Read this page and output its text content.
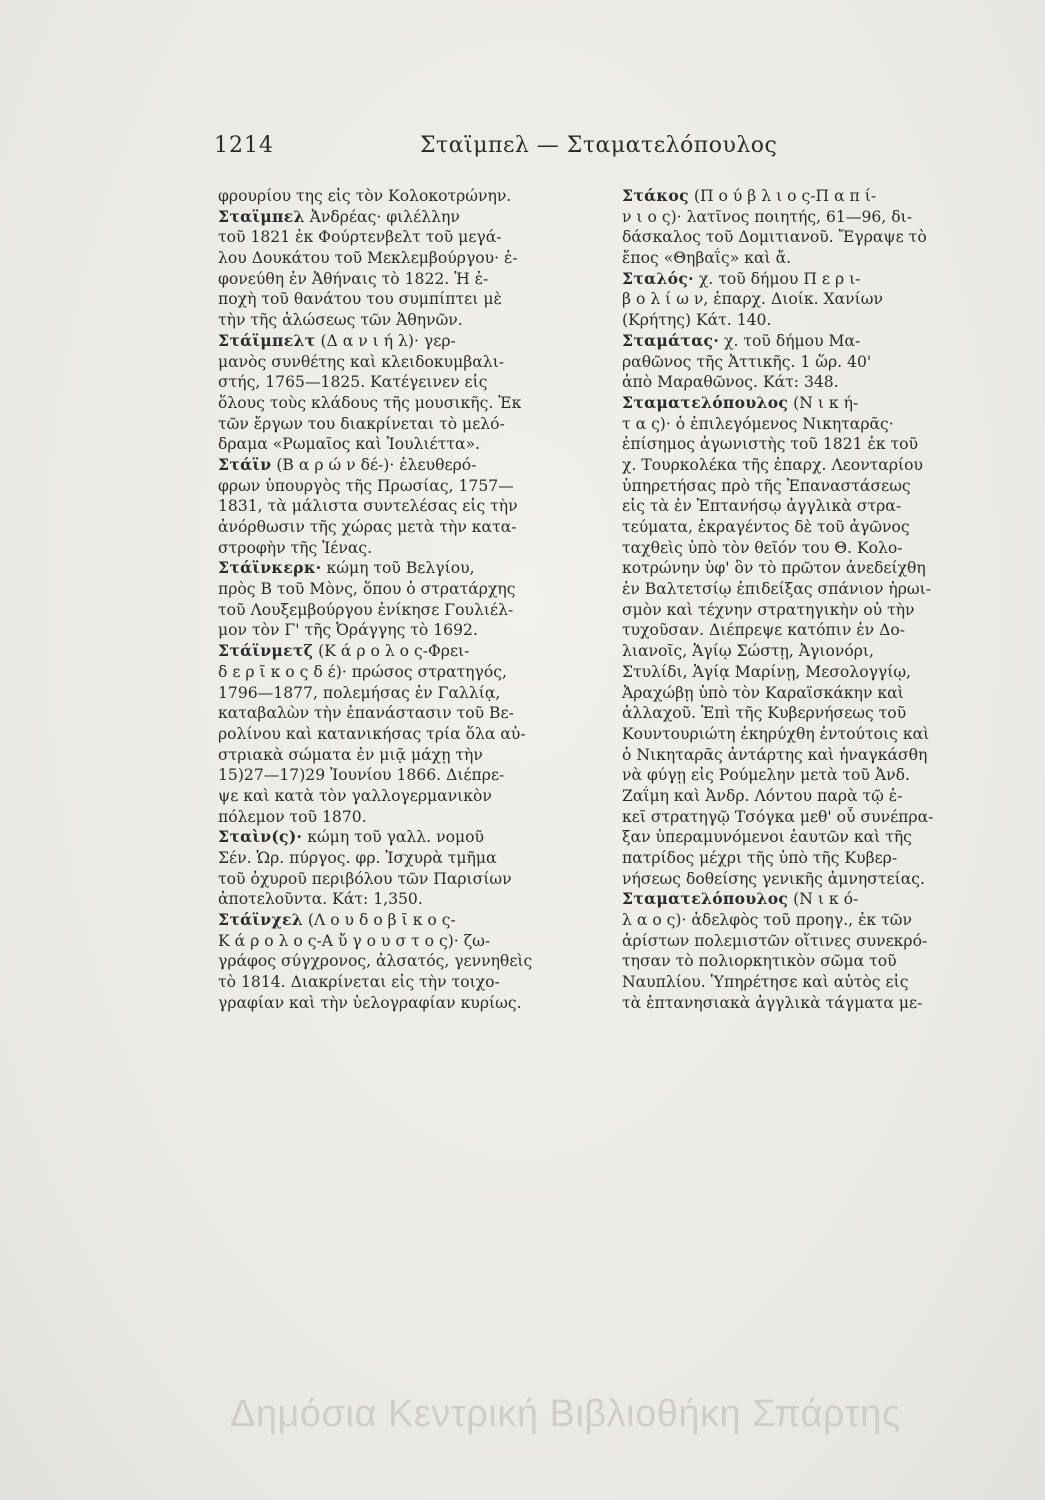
1214	Σταϊμπελ — Σταματελόπουλος
φρουρίου της εἰς τὸν Κολοκοτρώνην.
Σταϊμπελ Ἀνδρέας· φιλέλλην
τοῦ 1821 ἐκ Φούρτενβελτ τοῦ μεγά-
λου Δουκάτου τοῦ Μεκλεμβούργου· ἐ-
φονεύθη ἐν Ἀθήναις τὸ 1822. Ἡ ἐ-
ποχὴ τοῦ θανάτου του συμπίπτει μὲ
τὴν τῆς ἁλώσεως τῶν Ἀθηνῶν.
Στάϊμπελτ (Δ α ν ι ή λ)· γερ-
μανὸς συνθέτης καὶ κλειδοκυμβαλι-
στής, 1765—1825. Κατέγεινεν εἰς
ὅλους τοὺς κλάδους τῆς μουσικῆς. Ἐκ
τῶν ἔργων του διακρίνεται τὸ μελό-
δραμα «Ρωμαῖος καὶ Ἰουλιέττα».
Στάϊν (Β α ρ ώ ν δέ-)· ἐλευθερό-
φρων ὑπουργὸς τῆς Πρωσίας, 1757—
1831, τὰ μάλιστα συντελέσας εἰς τὴν
ἀνόρθωσιν τῆς χώρας μετὰ τὴν κατα-
στροφὴν τῆς Ἰένας.
Στάϊνκερκ· κώμη τοῦ Βελγίου,
πρὸς Β τοῦ Μὸνς, ὅπου ὁ στρατάρχης
τοῦ Λουξεμβούργου ἐνίκησε Γουλιέλ-
μον τὸν Γ' τῆς Ὀράγγης τὸ 1692.
Στάϊνμετζ (Κ ά ρ ο λ ο ς-Φρει-
δ ε ρ ῖ κ ο ς δ έ)· πρώσος στρατηγός,
1796—1877, πολεμήσας ἐν Γαλλίᾳ,
καταβαλὼν τὴν ἐπανάστασιν τοῦ Βε-
ρολίνου καὶ κατανικήσας τρία ὅλα αὐ-
στριακὰ σώματα ἐν μιᾷ μάχῃ τὴν
15)27—17)29 Ἰουνίου 1866. Διέπρε-
ψε καὶ κατὰ τὸν γαλλογερμανικὸν
πόλεμον τοῦ 1870.
Σταὶν(ς)· κώμη τοῦ γαλλ. νομοῦ
Σέν. Ὡρ. πύργος. φρ. Ἰσχυρὰ τμῆμα
τοῦ ὀχυροῦ περιβόλου τῶν Παρισίων
ἀποτελοῦντα. Κάτ: 1,350.
Στάϊνχελ (Λ ο υ δ ο β ῖ κ ο ς-
Κ ά ρ ο λ ο ς-Α ὔ γ ο υ σ τ ο ς)· ζω-
γράφος σύγχρονος, ἀλσατός, γεννηθεὶς
τὸ 1814. Διακρίνεται εἰς τὴν τοιχο-
γραφίαν καὶ τὴν ὑελογραφίαν κυρίως.
Στάκος (Π ο ύ β λ ι ο ς-Π α π ί-
ν ι ο ς)· λατῖνος ποιητής, 61—96, δι-
δάσκαλος τοῦ Δομιτιανοῦ. Ἔγραψε τὸ
ἔπος «Θηβαΐς» καὶ ἄ.
Σταλός· χ. τοῦ δήμου Π ε ρ ι-
β ο λ ί ω ν, ἐπαρχ. Διοίκ. Χανίων
(Κρήτης) Κάτ. 140.
Σταμάτας· χ. τοῦ δήμου Μα-
ραθῶνος τῆς Ἀττικῆς. 1 ὥρ. 40'
ἀπὸ Μαραθῶνος. Κάτ: 348.
Σταματελόπουλος (Ν ι κ ή-
τ α ς)· ὁ ἐπιλεγόμενος Νικηταρᾶς·
ἐπίσημος ἀγωνιστὴς τοῦ 1821 ἐκ τοῦ
χ. Τουρκολέκα τῆς ἐπαρχ. Λεονταρίου
ὑπηρετήσας πρὸ τῆς Ἐπαναστάσεως
εἰς τὰ ἐν Ἑπτανήσῳ ἀγγλικὰ στρα-
τεύματα, ἐκραγέντος δὲ τοῦ ἀγῶνος
ταχθεὶς ὑπὸ τὸν θεῖόν του Θ. Κολο-
κοτρώνην ὑφ' ὃν τὸ πρῶτον ἀνεδείχθη
ἐν Βαλτετσίῳ ἐπιδείξας σπάνιον ἡρωι-
σμὸν καὶ τέχνην στρατηγικὴν οὐ τὴν
τυχοῦσαν. Διέπρεψε κατόπιν ἐν Δο-
λιανοῖς, Ἁγίῳ Σώστῃ, Ἀγιονόρι,
Στυλίδι, Ἁγίᾳ Μαρίνῃ, Μεσολογγίῳ,
Ἀραχώβῃ ὑπὸ τὸν Καραϊσκάκην καὶ
ἀλλαχοῦ. Ἐπὶ τῆς Κυβερνήσεως τοῦ
Κουντουριώτη ἐκηρύχθη ἐντούτοις καὶ
ὁ Νικηταρᾶς ἀντάρτης καὶ ἠναγκάσθη
νὰ φύγῃ εἰς Ρούμελην μετὰ τοῦ Ἀνδ.
Ζαΐμη καὶ Ἀνδρ. Λόντου παρὰ τῷ ἐ-
κεῖ στρατηγῷ Τσόγκα μεθ' οὗ συνέπρα-
ξαν ὑπεραμυνόμενοι ἑαυτῶν καὶ τῆς
πατρίδος μέχρι τῆς ὑπὸ τῆς Κυβερ-
νήσεως δοθείσης γενικῆς ἀμνηστείας.
Σταματελόπουλος (Ν ι κ ό-
λ α ο ς)· ἀδελφὸς τοῦ προηγ., ἐκ τῶν
ἀρίστων πολεμιστῶν οἵτινες συνεκρό-
τησαν τὸ πολιορκητικὸν σῶμα τοῦ
Ναυπλίου. Ὑπηρέτησε καὶ αὐτὸς εἰς
τὰ ἑπτανησιακὰ ἀγγλικὰ τάγματα με-
Δημόσια Κεντρική Βιβλιοθήκη Σπάρτης
